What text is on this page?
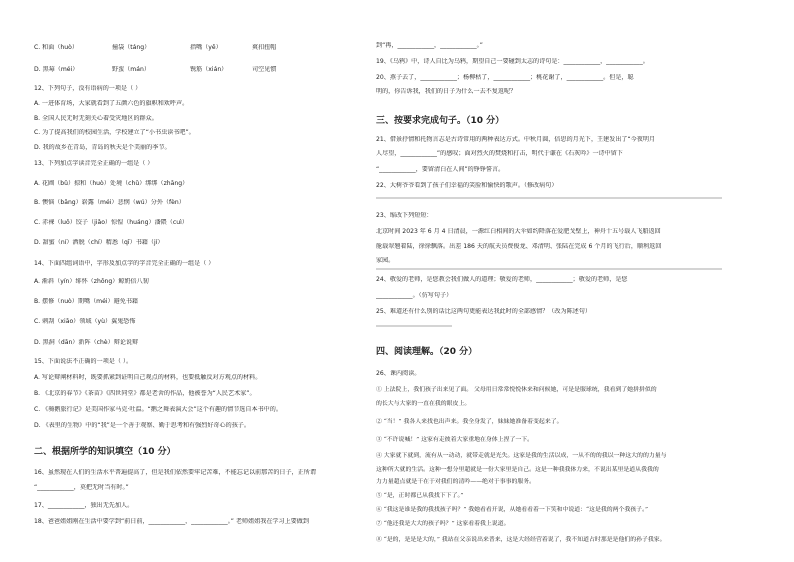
C. 和面（huò）	撞袋（táng）	指嘴（yē）	爽扣扭帽
D. 黑莓（méi）	野蛮（mán）	镌筋（xián）	司空见惯
12、下列句子，没有语病的一项是（ ）
A. 一进体育场，大家就看到了五颜六色的旗帜和欢呼声。
B. 全国人民无时无刻关心着受灾地区的群众。
C. 为了提高我们的校园生活，学校建立了“小书虫读书吧”。
D. 我的故乡在青岛，青岛的秋天是个美丽的季节。
13、下列加点字读音完全正确的一组是（ ）
A. 花圃（bǔ）掠和（huò）处境（chǔ）绑绑（zhāng）
B. 懊恼（bāng）崭露（méi）悲悯（wú）分外（fèn）
C. 赤裸（luǒ）饺子（jiǎo）惊惶（huáng）潘隈（cuì）
D. 甜蜜（ní）洒脱（chí）精悉（qī）书籍（jí）
14、下面四组词语中，字形及加点字的字音完全正确的一组是（ ）
A. 渐斜（yín）绯怀（zhōng）鲸奶倍八韧
B. 摆修（nuò）期嘴（méi）避免书籍
C. 刺刮（xiāo）领域（yù）翼鬼恐怖
D. 黑洞（dān）新阵（chè）辩论说辩
15、下面说法不正确的一项是（ ）。
A. 写论辩阐材料时，既要抓紧到证明自己观点的材料，也要抵触反对方观点的材料。
B. 《北京的春节》《茶苗》《四世同堂》都是老舍的作品，他被誉为“人民艺术家”。
C. 《骑鹅旅行记》是美国作家马克·吐温。“鹅之舞表演大会”这个有趣的情节选自本书中的。
D. 《表里的生物》中的“我”是一个善于观察、勤于思考和有强烈好奇心的孩子。
二、根据所学的知识填空（10 分）
16、虽然现在人们的生活水平普遍提高了，但是我们依然要牢记苦难，不能忘记以前那苦的日子，正所谓
“____________，莫把无时当有时。”
17、____________，独出无先加人。
18、爸爸姐姐刚在生活中要学到“前日前，____________，____________。” 老师姐姐我在学习上要做到
到“再，____________，____________。”
19、《乌鸦》中，诗人自比为乌鸦，期望自己一要碰到太志的诗句是：____________，____________。
20、燕子去了，____________；杨柳枯了，____________；桃花谢了，____________。但是，聪
明的，你告诉我，我们的日子为什么一去不复返呢？
三、按要求完成句子。（10 分）
21、借景抒情和托物言志是古诗常用的两种表达方式。中秋月圆，倍思的月光下，王建发出了“今夜明月
人尽望，____________”的感叹；面对烈火的焚烧和打击，明代于谦在《石灰吟》一诗中留下
“____________，要留清白在人间”的铮铮誓言。
22、大树爷爷看到了孩子们幸福的笑脸和愉快的歌声。（修改病句）
23、缩改下列短短：
北京时间 2023 年 6 月 4 日清晨，一源红白相间的大伞如约降落在爱肥戈壁上，神舟十五号载人飞船返回
舱载翠翘着陆，徐徐飘落。出差 186 天的航天员费俊龙、邓清明、张陆在完成 6 个月的飞行后，顺利返回
家园。
24、敬爱的老师，是您教会我们做人的道理；敬爱的老师，____________；敬爱的老师，是您
____________。（仿写句子）
25、难道还有什么别的话比这两句更能表达我此时的全部感情？（改为陈述句）
四、阅读理解。（20 分）
26、课内阅读。
① 上法院上，我们孩子出来见了面。 父母用日常常悦悦休来和问候她，可是是服球统，我看到了她拼拼似的
的长大与大家的一直在我的眼皮上。
② “当！” 我各人来找也出声来。我全身发了，妹妹她准备着变起来了。
③ “不许说喊！” 这家有走彼着大家重地在身体上捏了一下。
④ 大家就下就到，流有从一动动，就带走就是光失。这家是我的生活以成，一从不的的我以一种这大的的力量与
这种所大就的生活。这种一想分里超就是一份大家里是自己。这是一种我我体力来，不说出某里是道从我我的
力力量超点就是干在于对我们的清吟——绝对于事事的服务。
⑤ “是，正时都已从我找下下了。”
⑥ “我这是谁是我的我找孩子吗？” 我她看看开说，从她看看着一下笑和中说道：“这是我的两个我孩子。”
⑦ “他还我是大大的孩子吗？” 这家看着我上说道。
⑧ “是的，是是是大的，” 我站在父亲说出来普来，这是大经经营着说了，我不知道占时那是是他们的孙子我家。
